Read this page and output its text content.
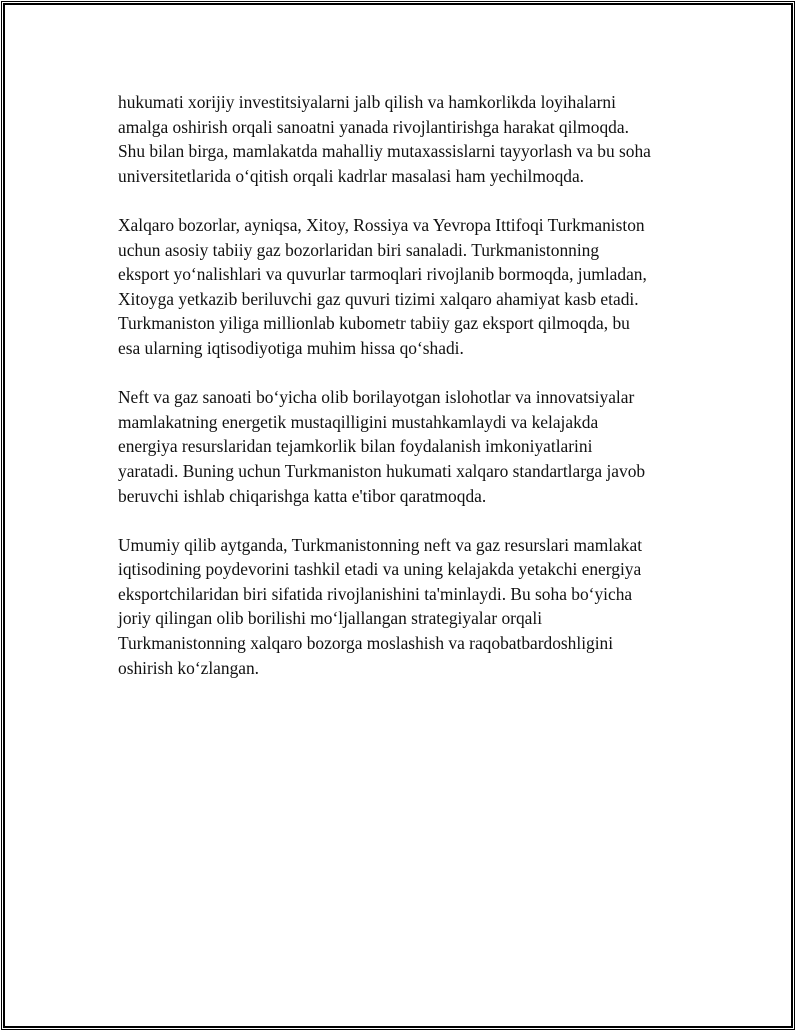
hukumati xorijiy investitsiyalarni jalb qilish va hamkorlikda loyihalarni
amalga oshirish orqali sanoatni yanada rivojlantirishga harakat qilmoqda.
Shu bilan birga, mamlakatda mahalliy mutaxassislarni tayyorlash va bu soha
universitetlarida o‘qitish orqali kadrlar masalasi ham yechilmoqda.
Xalqaro bozorlar, ayniqsa, Xitoy, Rossiya va Yevropa Ittifoqi Turkmaniston
uchun asosiy tabiiy gaz bozorlaridan biri sanaladi. Turkmanistonning
eksport yo‘nalishlari va quvurlar tarmoqlari rivojlanib bormoqda, jumladan,
Xitoyga yetkazib beriluvchi gaz quvuri tizimi xalqaro ahamiyat kasb etadi.
Turkmaniston yiliga millionlab kubometr tabiiy gaz eksport qilmoqda, bu
esa ularning iqtisodiyotiga muhim hissa qo‘shadi.
Neft va gaz sanoati bo‘yicha olib borilayotgan islohotlar va innovatsiyalar
mamlakatning energetik mustaqilligini mustahkamlaydi va kelajakda
energiya resurslaridan tejamkorlik bilan foydalanish imkoniyatlarini
yaratadi. Buning uchun Turkmaniston hukumati xalqaro standartlarga javob
beruvchi ishlab chiqarishga katta e'tibor qaratmoqda.
Umumiy qilib aytganda, Turkmanistonning neft va gaz resurslari mamlakat
iqtisodining poydevorini tashkil etadi va uning kelajakda yetakchi energiya
eksportchilaridan biri sifatida rivojlanishini ta'minlaydi. Bu soha bo‘yicha
joriy qilingan olib borilishi mo‘ljallangan strategiyalar orqali
Turkmanistonning xalqaro bozorga moslashish va raqobatbardoshligini
oshirish ko‘zlangan.
